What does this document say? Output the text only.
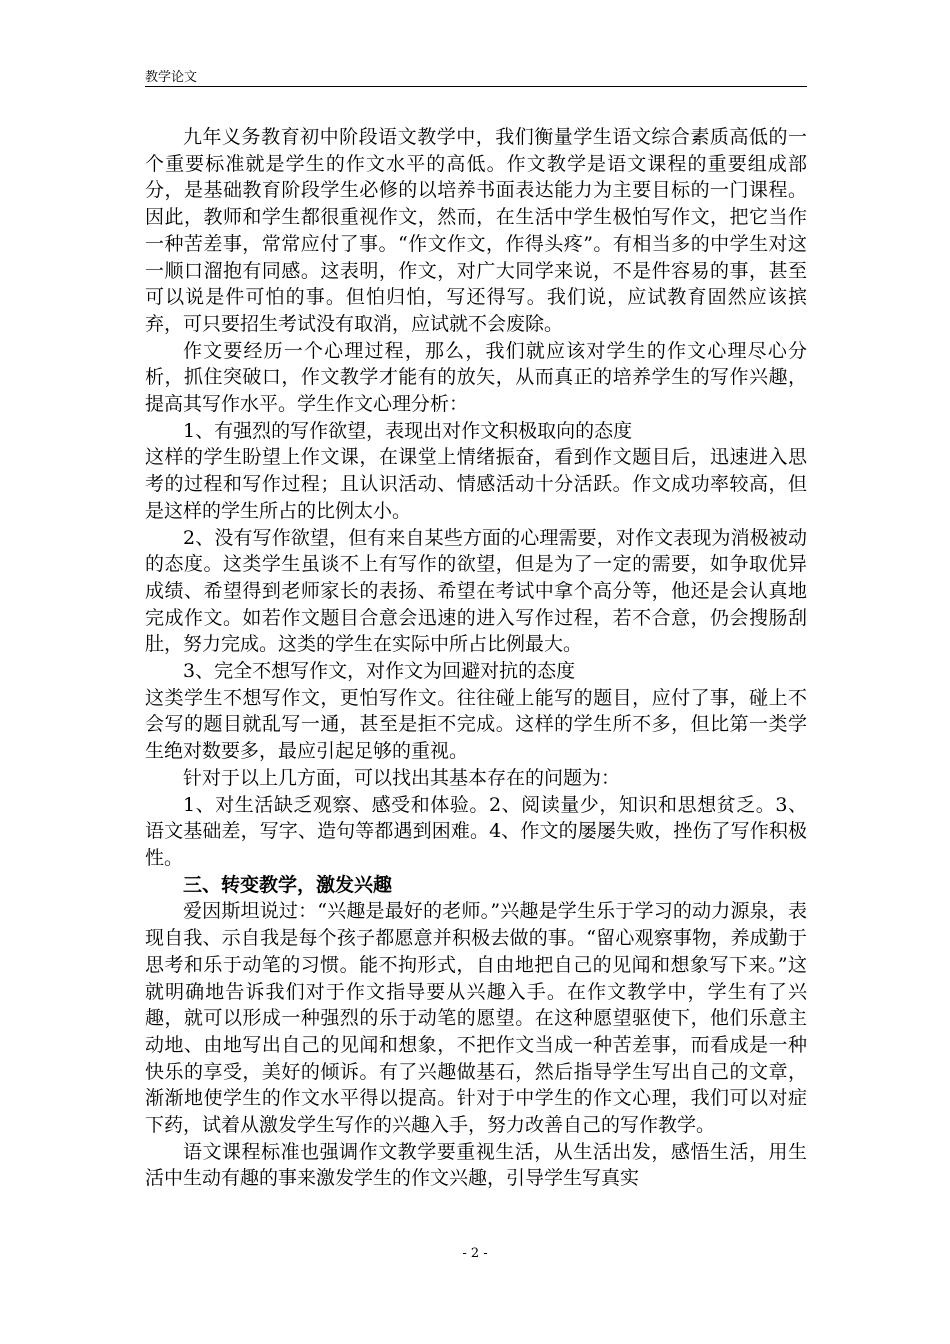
教学论文

九年义务教育初中阶段语文教学中，我们衡量学生语文综合素质高低的一个重要标准就是学生的作文水平的高低。作文教学是语文课程的重要组成部分，是基础教育阶段学生必修的以培养书面表达能力为主要目标的一门课程。因此，教师和学生都很重视作文，然而，在生活中学生极怕写作文，把它当作一种苦差事，常常应付了事。“作文作文，作得头疼”。有相当多的中学生对这一顺口溜抱有同感。这表明，作文，对广大同学来说，不是件容易的事，甚至可以说是件可怕的事。但怕归怕，写还得写。我们说，应试教育固然应该摈弃，可只要招生考试没有取消，应试就不会废除。

作文要经历一个心理过程，那么，我们就应该对学生的作文心理尽心分析，抓住突破口，作文教学才能有的放矢，从而真正的培养学生的写作兴趣，提高其写作水平。学生作文心理分析：

1、有强烈的写作欲望，表现出对作文积极取向的态度

这样的学生盼望上作文课，在课堂上情绪振奋，看到作文题目后，迅速进入思考的过程和写作过程；且认识活动、情感活动十分活跃。作文成功率较高，但是这样的学生所占的比例太小。

2、没有写作欲望，但有来自某些方面的心理需要，对作文表现为消极被动的态度。这类学生虽谈不上有写作的欲望，但是为了一定的需要，如争取优异成绩、希望得到老师家长的表扬、希望在考试中拿个高分等，他还是会认真地完成作文。如若作文题目合意会迅速的进入写作过程，若不合意，仍会搜肠刮肚，努力完成。这类的学生在实际中所占比例最大。

3、完全不想写作文，对作文为回避对抗的态度

这类学生不想写作文，更怕写作文。往往碰上能写的题目，应付了事，碰上不会写的题目就乱写一通，甚至是拒不完成。这样的学生所不多，但比第一类学生绝对数要多，最应引起足够的重视。

针对于以上几方面，可以找出其基本存在的问题为：

1、对生活缺乏观察、感受和体验。2、阅读量少，知识和思想贫乏。3、语文基础差，写字、造句等都遇到困难。4、作文的屡屡失败，挫伤了写作积极性。

三、转变教学，激发兴趣

爱因斯坦说过：“兴趣是最好的老师。”兴趣是学生乐于学习的动力源泉，表现自我、示自我是每个孩子都愿意并积极去做的事。“留心观察事物，养成勤于思考和乐于动笔的习惯。能不拘形式，自由地把自己的见闻和想象写下来。”这就明确地告诉我们对于作文指导要从兴趣入手。在作文教学中，学生有了兴趣，就可以形成一种强烈的乐于动笔的愿望。在这种愿望驱使下，他们乐意主动地、由地写出自己的见闻和想象，不把作文当成一种苦差事，而看成是一种快乐的享受，美好的倾诉。有了兴趣做基石，然后指导学生写出自己的文章，渐渐地使学生的作文水平得以提高。针对于中学生的作文心理，我们可以对症下药，试着从激发学生写作的兴趣入手，努力改善自己的写作教学。

语文课程标准也强调作文教学要重视生活，从生活出发，感悟生活，用生活中生动有趣的事来激发学生的作文兴趣，引导学生写真实

- 2 -
